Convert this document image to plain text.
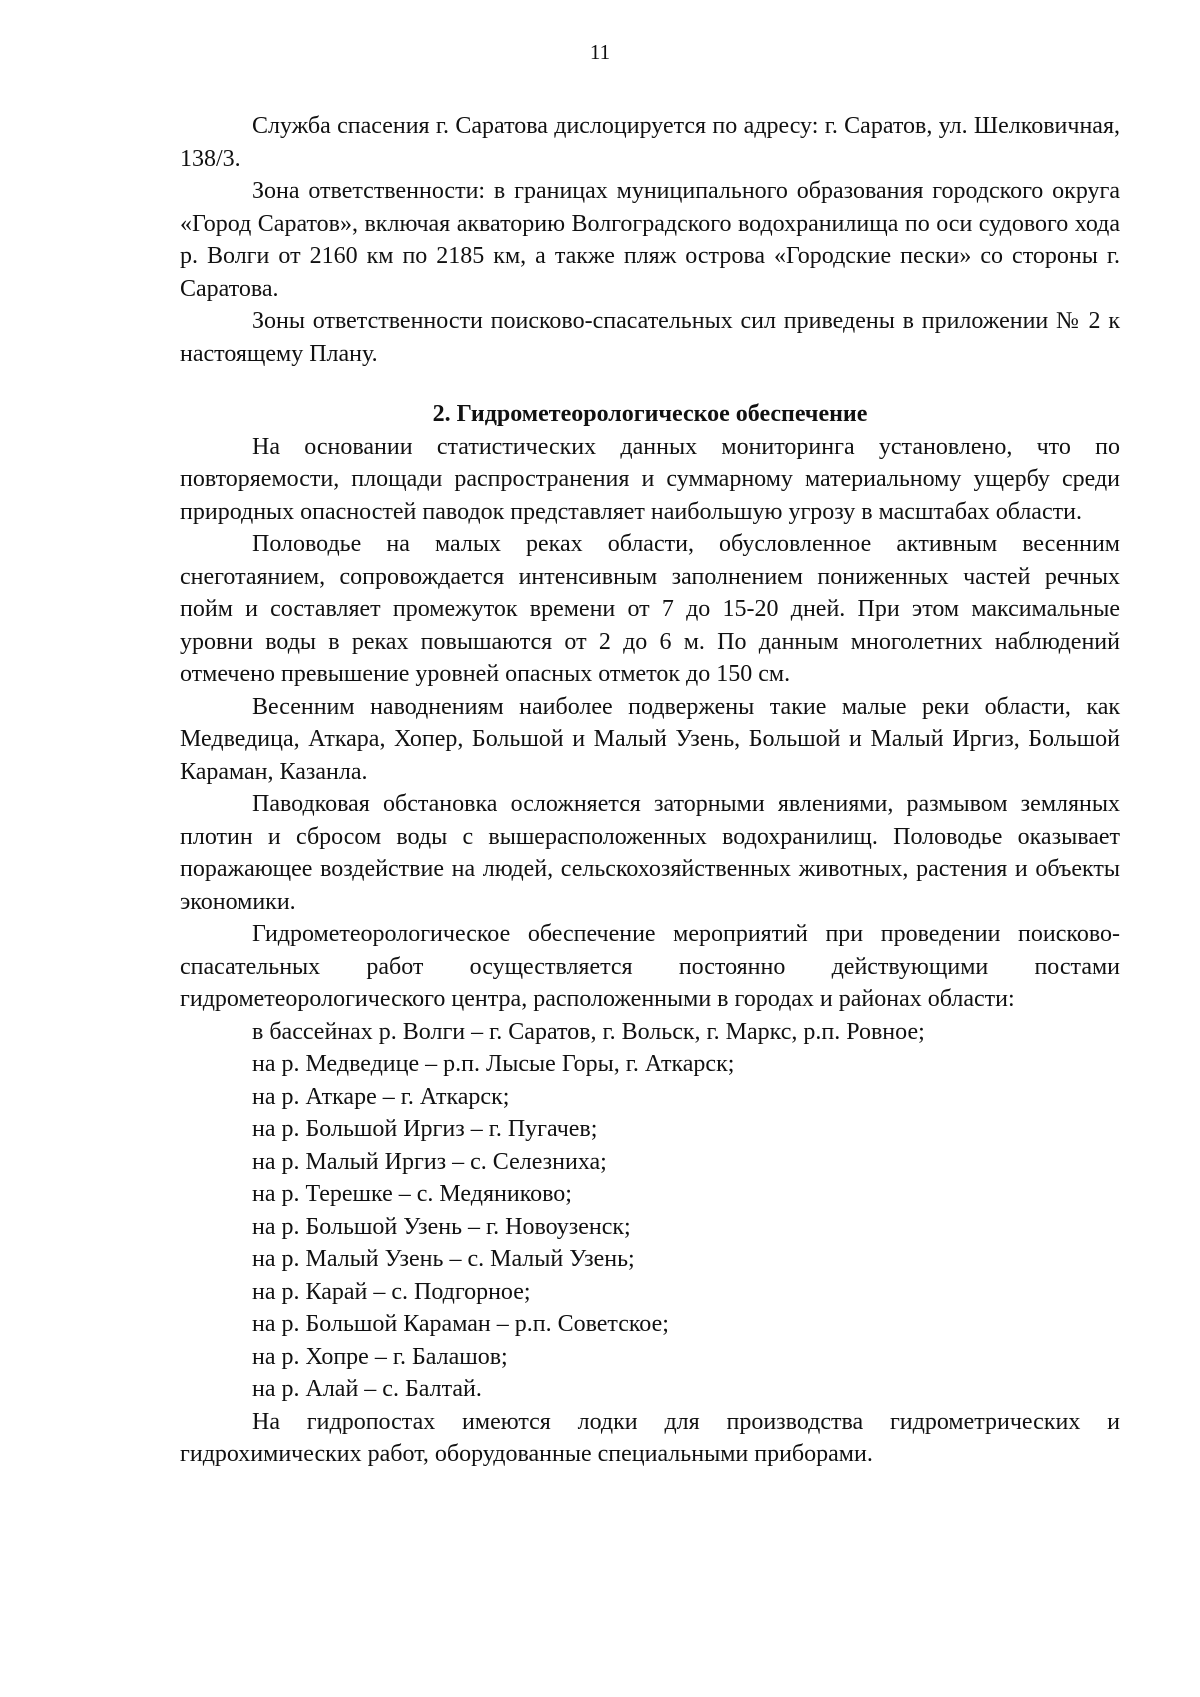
11

Служба спасения г. Саратова дислоцируется по адресу: г. Саратов, ул. Шелковичная, 138/3.

Зона ответственности: в границах муниципального образования городского округа «Город Саратов», включая акваторию Волгоградского водохранилища по оси судового хода р. Волги от 2160 км по 2185 км, а также пляж острова «Городские пески» со стороны г. Саратова.

Зоны ответственности поисково-спасательных сил приведены в приложении № 2 к настоящему Плану.

2. Гидрометеорологическое обеспечение

На основании статистических данных мониторинга установлено, что по повторяемости, площади распространения и суммарному материальному ущербу среди природных опасностей паводок представляет наибольшую угрозу в масштабах области.

Половодье на малых реках области, обусловленное активным весенним снеготаянием, сопровождается интенсивным заполнением пониженных частей речных пойм и составляет промежуток времени от 7 до 15-20 дней. При этом максимальные уровни воды в реках повышаются от 2 до 6 м. По данным многолетних наблюдений отмечено превышение уровней опасных отметок до 150 см.

Весенним наводнениям наиболее подвержены такие малые реки области, как Медведица, Аткара, Хопер, Большой и Малый Узень, Большой и Малый Иргиз, Большой Караман, Казанла.

Паводковая обстановка осложняется заторными явлениями, размывом земляных плотин и сбросом воды с вышерасположенных водохранилищ. Половодье оказывает поражающее воздействие на людей, сельскохозяйственных животных, растения и объекты экономики.

Гидрометеорологическое обеспечение мероприятий при проведении поисково-спасательных работ осуществляется постоянно действующими постами гидрометеорологического центра, расположенными в городах и районах области:

в бассейнах р. Волги – г. Саратов, г. Вольск, г. Маркс, р.п. Ровное;
на р. Медведице – р.п. Лысые Горы, г. Аткарск;
на р. Аткаре – г. Аткарск;
на р. Большой Иргиз – г. Пугачев;
на р. Малый Иргиз – с. Селезниха;
на р. Терешке – с. Медяниково;
на р. Большой Узень – г. Новоузенск;
на р. Малый Узень – с. Малый Узень;
на р. Карай – с. Подгорное;
на р. Большой Караман – р.п. Советское;
на р. Хопре – г. Балашов;
на р. Алай – с. Балтай.

На гидропостах имеются лодки для производства гидрометрических и гидрохимических работ, оборудованные специальными приборами.
